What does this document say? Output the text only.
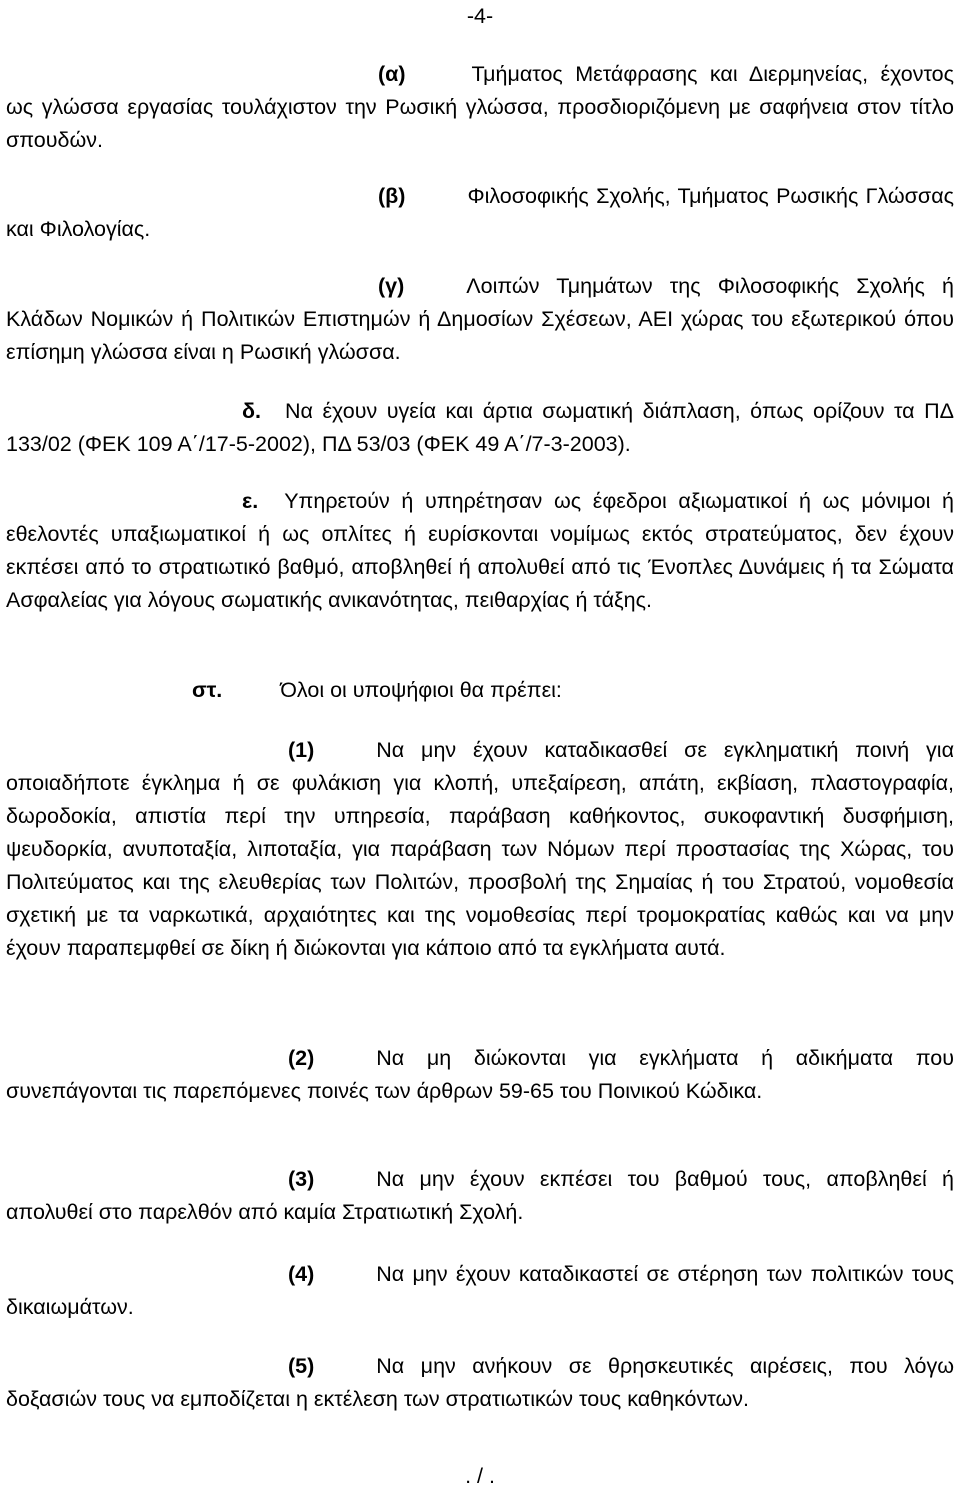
-4-
(α)	Τμήματος Μετάφρασης και Διερμηνείας, έχοντος ως γλώσσα εργασίας τουλάχιστον την Ρωσική γλώσσα, προσδιοριζόμενη με σαφήνεια στον τίτλο σπουδών.
(β)	Φιλοσοφικής Σχολής, Τμήματος Ρωσικής Γλώσσας και Φιλολογίας.
(γ)	Λοιπών Τμημάτων της Φιλοσοφικής Σχολής ή Κλάδων Νομικών ή Πολιτικών Επιστημών ή Δημοσίων Σχέσεων, ΑΕΙ χώρας του εξωτερικού όπου επίσημη γλώσσα είναι η Ρωσική γλώσσα.
δ. Να έχουν υγεία και άρτια σωματική διάπλαση, όπως ορίζουν τα ΠΔ 133/02 (ΦΕΚ 109 Α΄/17-5-2002), ΠΔ 53/03 (ΦΕΚ 49 Α΄/7-3-2003).
ε. Υπηρετούν ή υπηρέτησαν ως έφεδροι αξιωματικοί ή ως μόνιμοι ή εθελοντές υπαξιωματικοί ή ως οπλίτες ή ευρίσκονται νομίμως εκτός στρατεύματος, δεν έχουν εκπέσει από το στρατιωτικό βαθμό, αποβληθεί ή απολυθεί από τις Ένοπλες Δυνάμεις ή τα Σώματα Ασφαλείας για λόγους σωματικής ανικανότητας, πειθαρχίας ή τάξης.
στ.	Όλοι οι υποψήφιοι θα πρέπει:
(1)	Να μην έχουν καταδικασθεί σε εγκληματική ποινή για οποιαδήποτε έγκλημα ή σε φυλάκιση για κλοπή, υπεξαίρεση, απάτη, εκβίαση, πλαστογραφία, δωροδοκία, απιστία περί την υπηρεσία, παράβαση καθήκοντος, συκοφαντική δυσφήμιση, ψευδορκία, ανυποταξία, λιποταξία, για παράβαση των Νόμων περί προστασίας της Χώρας, του Πολιτεύματος και της ελευθερίας των Πολιτών, προσβολή της Σημαίας ή του Στρατού, νομοθεσία σχετική με τα ναρκωτικά, αρχαιότητες και της νομοθεσίας περί τρομοκρατίας καθώς και να μην έχουν παραπεμφθεί σε δίκη ή διώκονται για κάποιο από τα εγκλήματα αυτά.
(2)	Να μη διώκονται για εγκλήματα ή αδικήματα που συνεπάγονται τις παρεπόμενες ποινές των άρθρων 59-65 του Ποινικού Κώδικα.
(3)	Να μην έχουν εκπέσει του βαθμού τους, αποβληθεί ή απολυθεί στο παρελθόν από καμία Στρατιωτική Σχολή.
(4)	Να μην έχουν καταδικαστεί σε στέρηση των πολιτικών τους δικαιωμάτων.
(5)	Να μην ανήκουν σε θρησκευτικές αιρέσεις, που λόγω δοξασιών τους να εμποδίζεται η εκτέλεση των στρατιωτικών τους καθηκόντων.
. / .
